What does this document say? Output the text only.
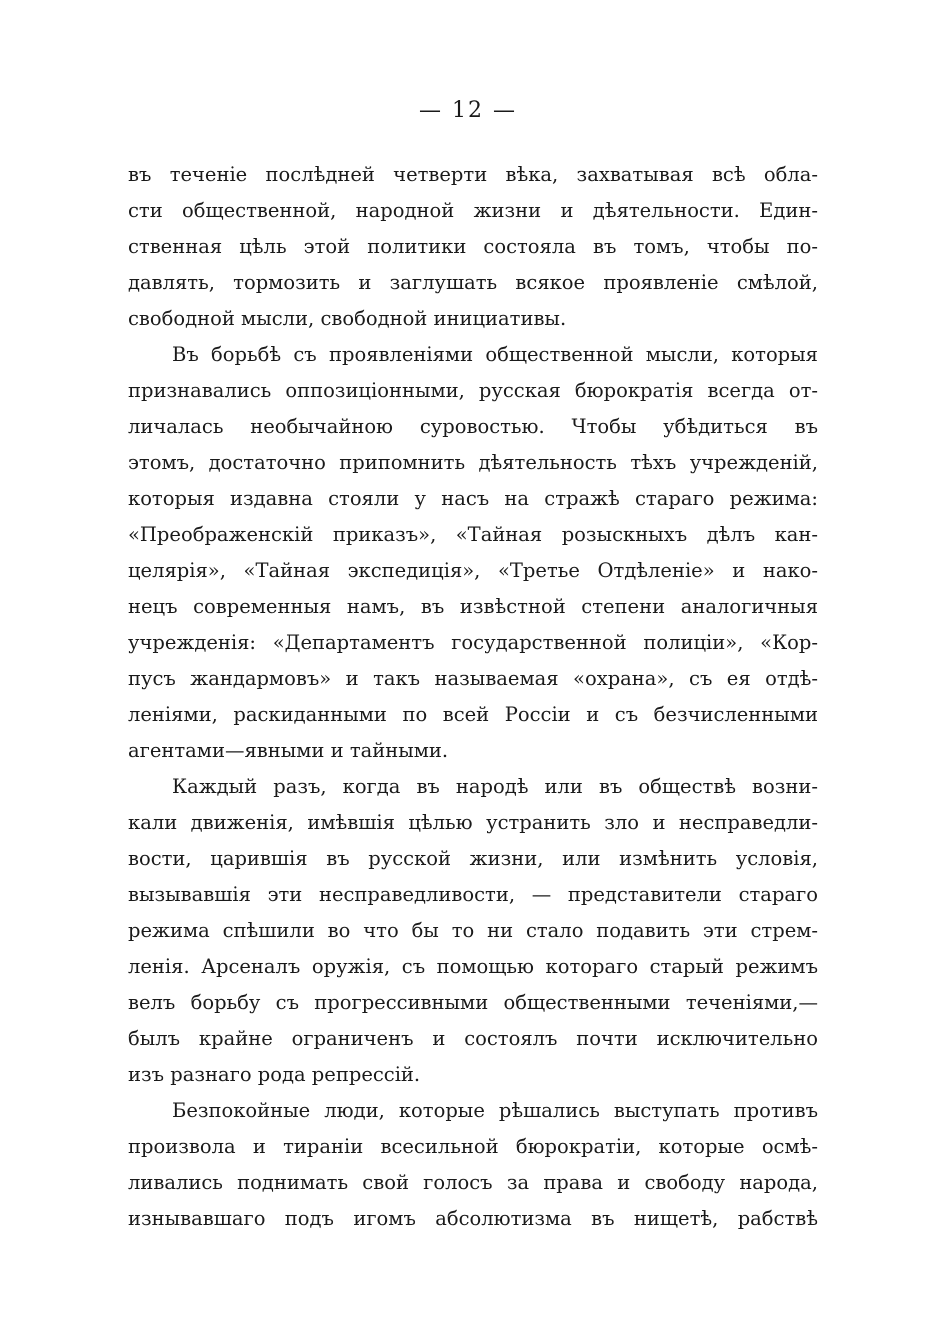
— 12 —
въ теченіе послѣдней четверти вѣка, захватывая всѣ обла-
сти общественной, народной жизни и дѣятельности. Един-
ственная цѣль этой политики состояла въ томъ, чтобы по-
давлять, тормозить и заглушать всякое проявленіе смѣлой,
свободной мысли, свободной инициативы.
Въ борьбѣ съ проявленіями общественной мысли, которыя
признавались оппозиціонными, русская бюрократія всегда от-
личалась необычайною суровостью. Чтобы убѣдиться въ
этомъ, достаточно припомнить дѣятельность тѣхъ учрежденій,
которыя издавна стояли у насъ на стражѣ стараго режима:
«Преображенскій приказъ», «Тайная розыскныхъ дѣлъ кан-
целярія», «Тайная экспедиція», «Третье Отдѣленіе» и нако-
нецъ современныя намъ, въ извѣстной степени аналогичныя
учрежденія: «Департаментъ государственной полиціи», «Кор-
пусъ жандармовъ» и такъ называемая «охрана», съ ея отдѣ-
леніями, раскиданными по всей Россіи и съ безчисленными
агентами—явными и тайными.
Каждый разъ, когда въ народѣ или въ обществѣ возни-
кали движенія, имѣвшія цѣлью устранить зло и несправедли-
вости, царившія въ русской жизни, или измѣнить условія,
вызывавшія эти несправедливости, — представители стараго
режима спѣшили во что бы то ни стало подавить эти стрем-
ленія. Арсеналъ оружія, съ помощью котораго старый режимъ
велъ борьбу съ прогрессивными общественными теченіями,—
былъ крайне ограниченъ и состоялъ почти исключительно
изъ разнаго рода репрессій.
Безпокойные люди, которые рѣшались выступать противъ
произвола и тираніи всесильной бюрократіи, которые осмѣ-
ливались поднимать свой голосъ за права и свободу народа,
изнывавшаго подъ игомъ абсолютизма въ нищетѣ, рабствѣ
